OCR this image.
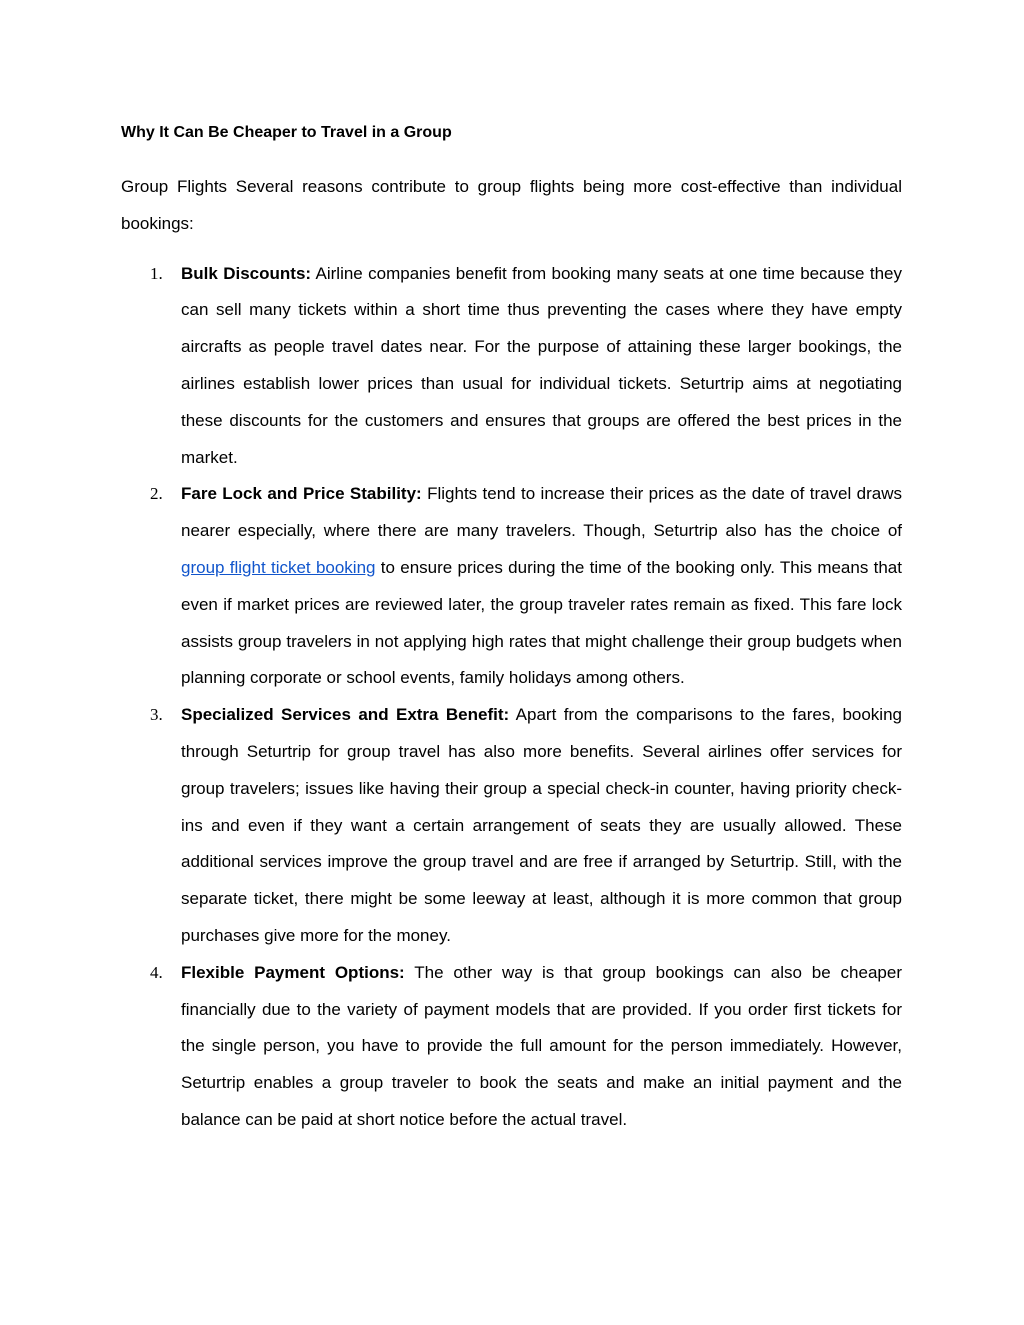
Why It Can Be Cheaper to Travel in a Group

Group Flights Several reasons contribute to group flights being more cost-effective than individual bookings:

1. Bulk Discounts: Airline companies benefit from booking many seats at one time because they can sell many tickets within a short time thus preventing the cases where they have empty aircrafts as people travel dates near. For the purpose of attaining these larger bookings, the airlines establish lower prices than usual for individual tickets. Seturtrip aims at negotiating these discounts for the customers and ensures that groups are offered the best prices in the market.
2. Fare Lock and Price Stability: Flights tend to increase their prices as the date of travel draws nearer especially, where there are many travelers. Though, Seturtrip also has the choice of group flight ticket booking to ensure prices during the time of the booking only. This means that even if market prices are reviewed later, the group traveler rates remain as fixed. This fare lock assists group travelers in not applying high rates that might challenge their group budgets when planning corporate or school events, family holidays among others.
3. Specialized Services and Extra Benefit: Apart from the comparisons to the fares, booking through Seturtrip for group travel has also more benefits. Several airlines offer services for group travelers; issues like having their group a special check-in counter, having priority check-ins and even if they want a certain arrangement of seats they are usually allowed. These additional services improve the group travel and are free if arranged by Seturtrip. Still, with the separate ticket, there might be some leeway at least, although it is more common that group purchases give more for the money.
4. Flexible Payment Options: The other way is that group bookings can also be cheaper financially due to the variety of payment models that are provided. If you order first tickets for the single person, you have to provide the full amount for the person immediately. However, Seturtrip enables a group traveler to book the seats and make an initial payment and the balance can be paid at short notice before the actual travel.
